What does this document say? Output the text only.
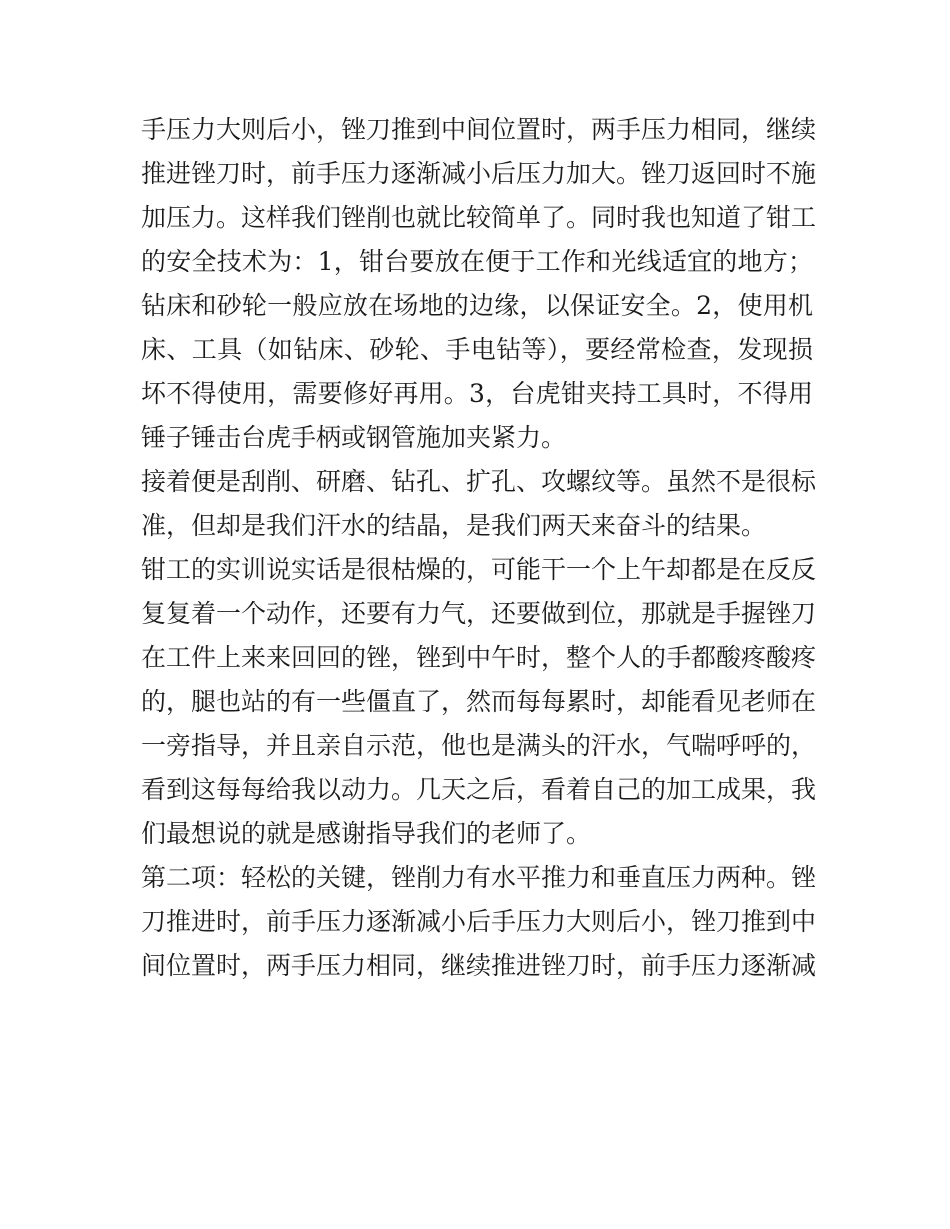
手压力大则后小，锉刀推到中间位置时，两手压力相同，继续
推进锉刀时，前手压力逐渐减小后压力加大。锉刀返回时不施
加压力。这样我们锉削也就比较简单了。同时我也知道了钳工
的安全技术为：1，钳台要放在便于工作和光线适宜的地方；
钻床和砂轮一般应放在场地的边缘，以保证安全。2，使用机
床、工具（如钻床、砂轮、手电钻等），要经常检查，发现损
坏不得使用，需要修好再用。3，台虎钳夹持工具时，不得用
锤子锤击台虎手柄或钢管施加夹紧力。
接着便是刮削、研磨、钻孔、扩孔、攻螺纹等。虽然不是很标
准，但却是我们汗水的结晶，是我们两天来奋斗的结果。
钳工的实训说实话是很枯燥的，可能干一个上午却都是在反反
复复着一个动作，还要有力气，还要做到位，那就是手握锉刀
在工件上来来回回的锉，锉到中午时，整个人的手都酸疼酸疼
的，腿也站的有一些僵直了，然而每每累时，却能看见老师在
一旁指导，并且亲自示范，他也是满头的汗水，气喘呼呼的，
看到这每每给我以动力。几天之后，看着自己的加工成果，我
们最想说的就是感谢指导我们的老师了。
第二项：轻松的关键，锉削力有水平推力和垂直压力两种。锉
刀推进时，前手压力逐渐减小后手压力大则后小，锉刀推到中
间位置时，两手压力相同，继续推进锉刀时，前手压力逐渐减
